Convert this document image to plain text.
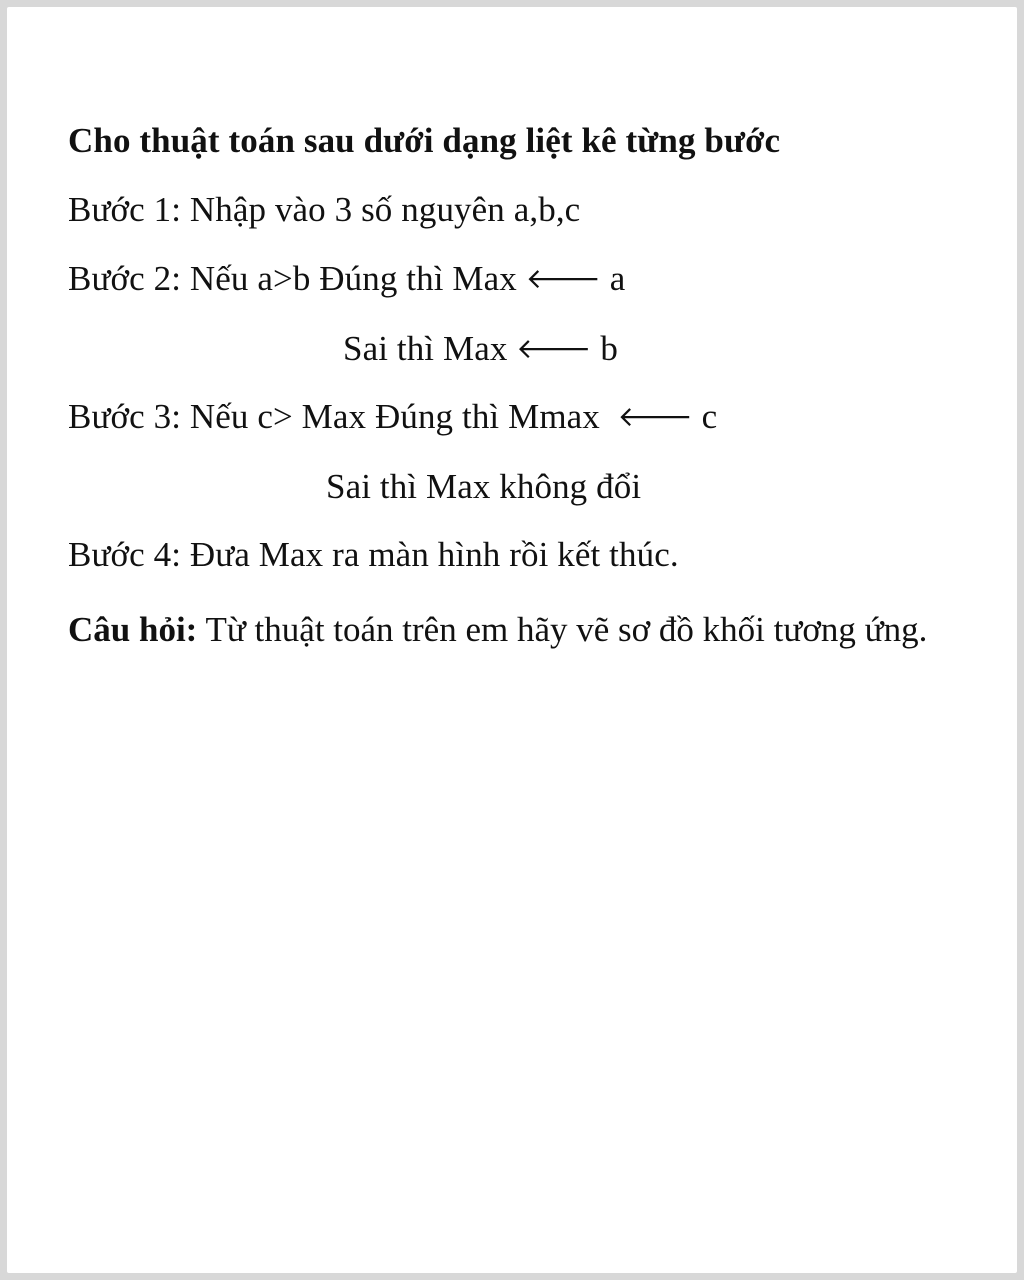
Cho thuật toán sau dưới dạng liệt kê từng bước
Bước 1: Nhập vào 3 số nguyên a,b,c
Bước 2: Nếu a>b Đúng thì Max 🡐 a
Sai thì Max 🡐 b
Bước 3: Nếu c> Max Đúng thì Mmax  🡐 c
Sai thì Max không đổi
Bước 4: Đưa Max ra màn hình rồi kết thúc.
Câu hỏi: Từ thuật toán trên em hãy vẽ sơ đồ khối tương ứng.
